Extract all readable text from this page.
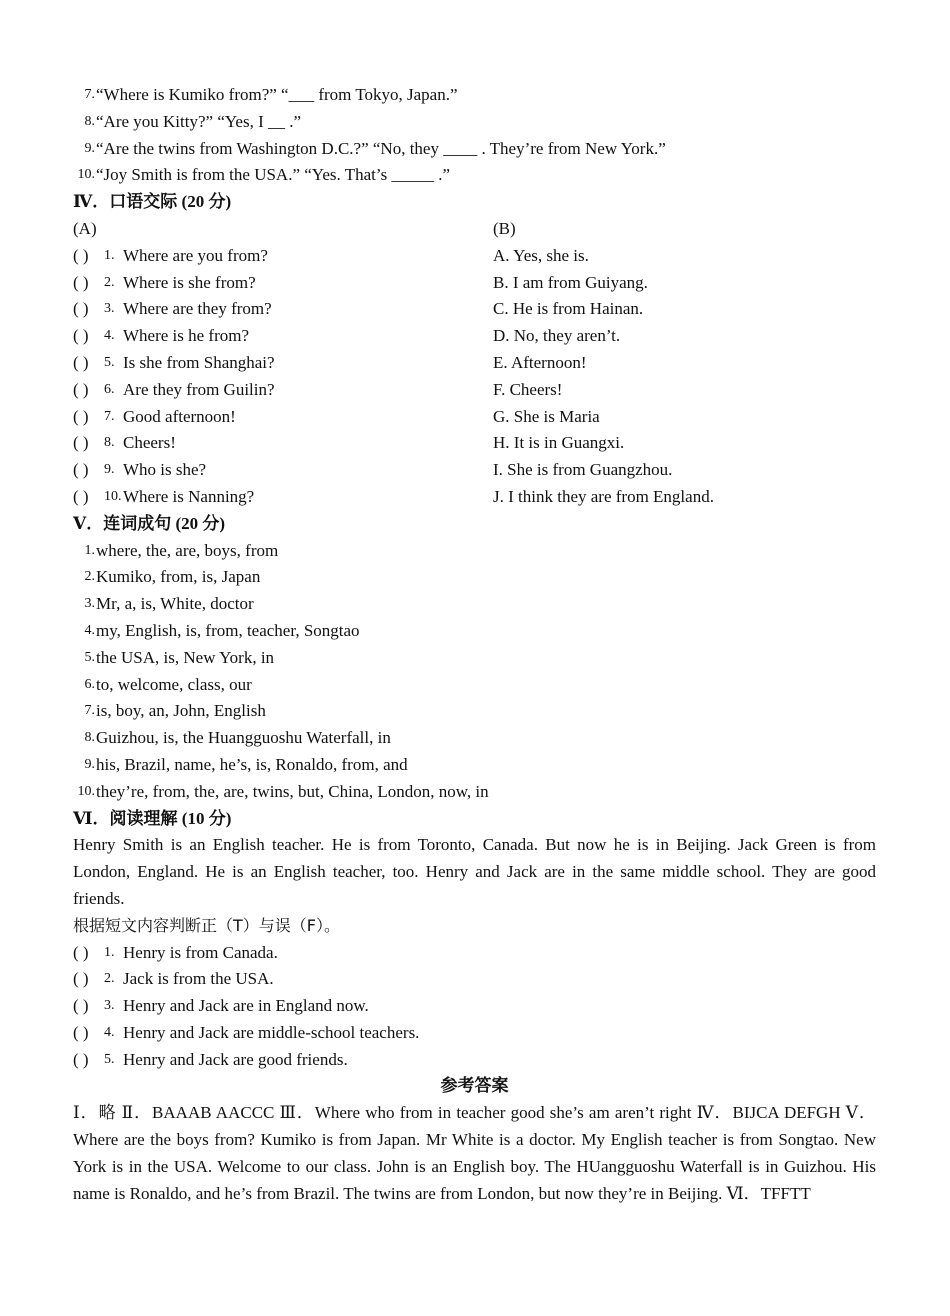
7.“Where is Kumiko from?” “___ from Tokyo, Japan.”
8.“Are you Kitty?” “Yes, I __ .”
9.“Are the twins from Washington D.C.?” “No, they ____ . They’re from New York.”
10.“Joy Smith is from the USA.” “Yes. That’s _____ .”
Ⅳ．口语交际 (20 分)
(A)
( ) 1. Where are you from?
( ) 2. Where is she from?
( ) 3. Where are they from?
( ) 4. Where is he from?
( ) 5. Is she from Shanghai?
( ) 6. Are they from Guilin?
( ) 7. Good afternoon!
( ) 8. Cheers!
( ) 9. Who is she?
( ) 10.Where is Nanning?
(B)
A. Yes, she is.
B. I am from Guiyang.
C. He is from Hainan.
D. No, they aren’t.
E. Afternoon!
F. Cheers!
G. She is Maria
H. It is in Guangxi.
I. She is from Guangzhou.
J. I think they are from England.
Ⅴ．连词成句 (20 分)
1.where, the, are, boys, from
2.Kumiko, from, is, Japan
3.Mr, a, is, White, doctor
4.my, English, is, from, teacher, Songtao
5.the USA, is, New York, in
6.to, welcome, class, our
7.is, boy, an, John, English
8.Guizhou, is, the Huangguoshu Waterfall, in
9.his, Brazil, name, he’s, is, Ronaldo, from, and
10.they’re, from, the, are, twins, but, China, London, now, in
Ⅵ．阅读理解 (10 分)
Henry Smith is an English teacher. He is from Toronto, Canada. But now he is in Beijing. Jack Green is from London, England. He is an English teacher, too. Henry and Jack are in the same middle school. They are good friends.
根据短文内容判断正（T）与误（F）。
( ) 1. Henry is from Canada.
( ) 2. Jack is from the USA.
( ) 3. Henry and Jack are in England now.
( ) 4. Henry and Jack are middle-school teachers.
( ) 5. Henry and Jack are good friends.
参考答案
Ⅰ．略 Ⅱ．BAAAB AACCC Ⅲ．Where who from in teacher good she’s am aren’t right Ⅳ．BIJCA DEFGH Ⅴ．Where are the boys from? Kumiko is from Japan. Mr White is a doctor. My English teacher is from Songtao. New York is in the USA. Welcome to our class. John is an English boy. The HUangguoshu Waterfall is in Guizhou. His name is Ronaldo, and he’s from Brazil. The twins are from London, but now they’re in Beijing. Ⅵ．TFFTT
